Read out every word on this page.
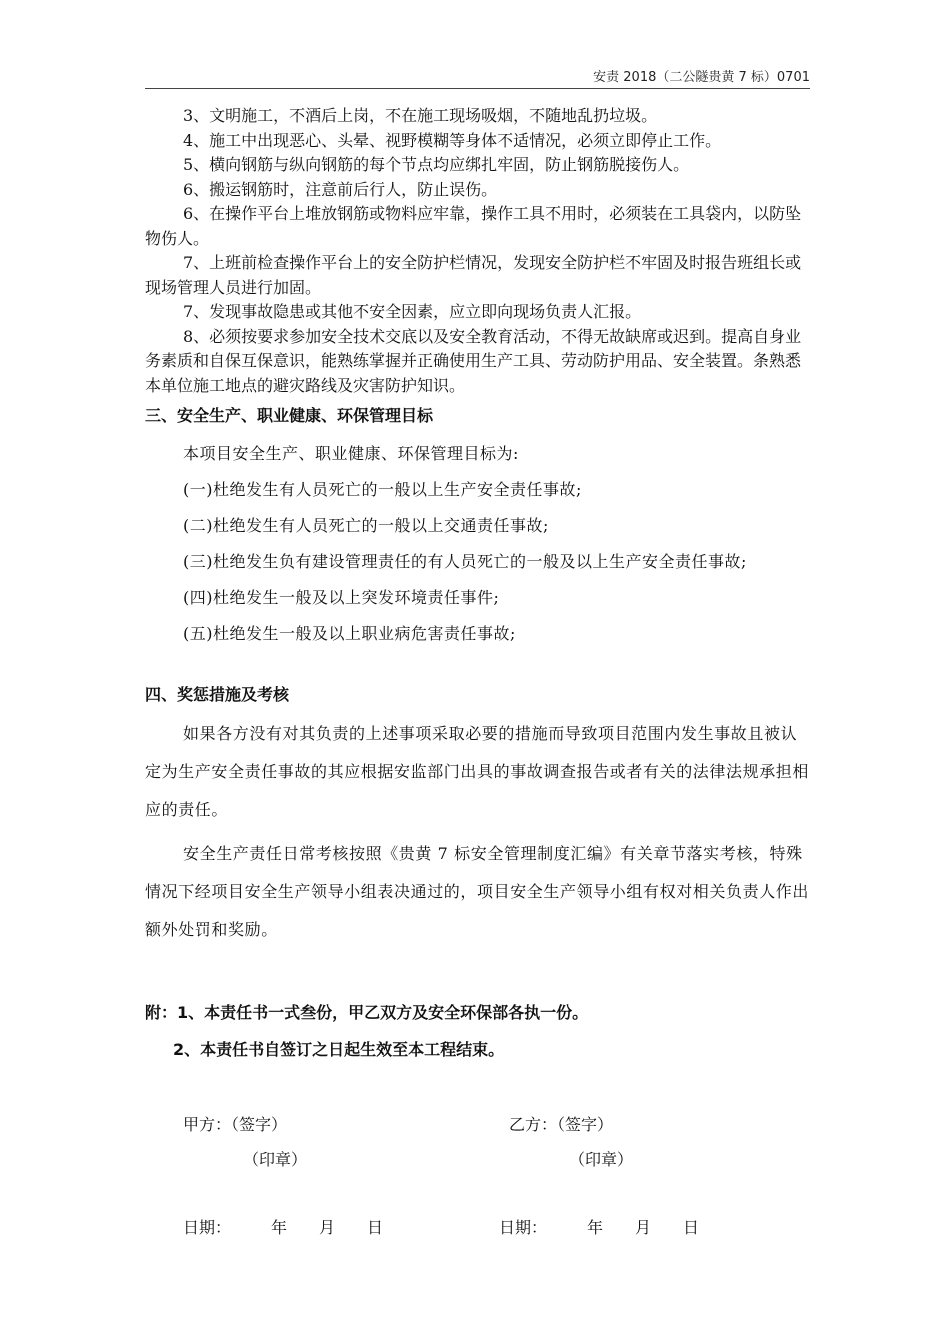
安责 2018（二公隧贵黄 7 标）0701

3、文明施工，不酒后上岗，不在施工现场吸烟，不随地乱扔垃圾。

4、施工中出现恶心、头晕、视野模糊等身体不适情况，必须立即停止工作。

5、横向钢筋与纵向钢筋的每个节点均应绑扎牢固，防止钢筋脱接伤人。

6、搬运钢筋时，注意前后行人，防止误伤。

6、在操作平台上堆放钢筋或物料应牢靠，操作工具不用时，必须装在工具袋内，以防坠物伤人。

7、上班前检查操作平台上的安全防护栏情况，发现安全防护栏不牢固及时报告班组长或现场管理人员进行加固。

7、发现事故隐患或其他不安全因素，应立即向现场负责人汇报。

8、必须按要求参加安全技术交底以及安全教育活动，不得无故缺席或迟到。提高自身业务素质和自保互保意识，能熟练掌握并正确使用生产工具、劳动防护用品、安全装置。条熟悉本单位施工地点的避灾路线及灾害防护知识。

三、安全生产、职业健康、环保管理目标

本项目安全生产、职业健康、环保管理目标为:

(一)杜绝发生有人员死亡的一般以上生产安全责任事故;

(二)杜绝发生有人员死亡的一般以上交通责任事故;

(三)杜绝发生负有建设管理责任的有人员死亡的一般及以上生产安全责任事故;

(四)杜绝发生一般及以上突发环境责任事件;

(五)杜绝发生一般及以上职业病危害责任事故;

四、奖惩措施及考核

如果各方没有对其负责的上述事项采取必要的措施而导致项目范围内发生事故且被认定为生产安全责任事故的其应根据安监部门出具的事故调查报告或者有关的法律法规承担相应的责任。

安全生产责任日常考核按照《贵黄 7 标安全管理制度汇编》有关章节落实考核，特殊情况下经项目安全生产领导小组表决通过的，项目安全生产领导小组有权对相关负责人作出额外处罚和奖励。

附：1、本责任书一式叁份，甲乙双方及安全环保部各执一份。

2、本责任书自签订之日起生效至本工程结束。

甲方：（签字）
（印章）
乙方：（签字）
（印章）
日期：　　　年　　月　　日	日期：　　　年　　月　　日
